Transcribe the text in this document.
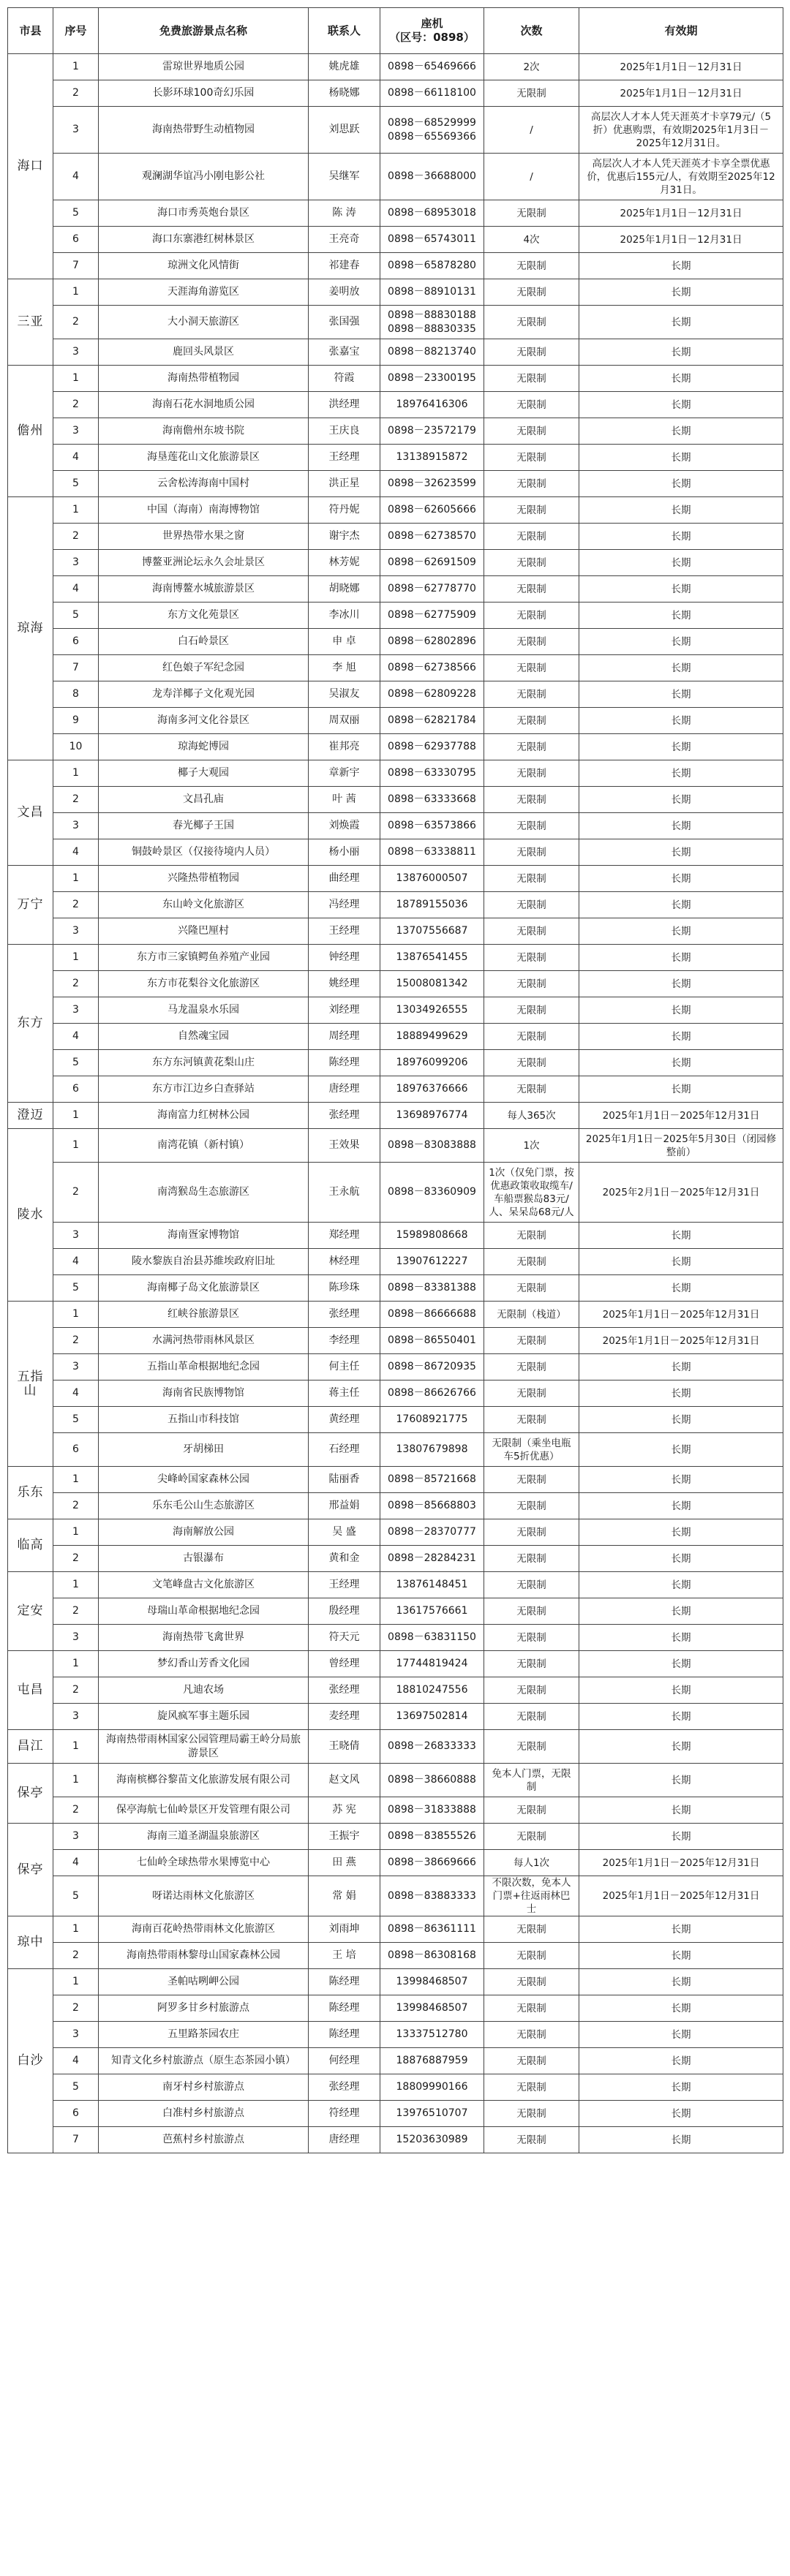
市县	序号	免费旅游景点名称	联系人	座机
（区号：0898）	次数	有效期
海口	1	雷琼世界地质公园	姚虎雄	0898－65469666	2次	2025年1月1日－12月31日
	2	长影环球100奇幻乐园	杨晓娜	0898－66118100	无限制	2025年1月1日－12月31日
	3	海南热带野生动植物园	刘思跃	0898－68529999
0898－65569366	/	高层次人才本人凭天涯英才卡享79元/（5折）优惠购票，有效期2025年1月3日－2025年12月31日。
	4	观澜湖华谊冯小刚电影公社	吴继军	0898－36688000	/	高层次人才本人凭天涯英才卡享全票优惠价，优惠后155元/人，有效期至2025年12月31日。
	5	海口市秀英炮台景区	陈 涛	0898－68953018	无限制	2025年1月1日－12月31日
	6	海口东寨港红树林景区	王亮奇	0898－65743011	4次	2025年1月1日－12月31日
	7	琼洲文化风情街	祁建春	0898－65878280	无限制	长期
三亚	1	天涯海角游览区	姜明放	0898－88910131	无限制	长期
	2	大小洞天旅游区	张国强	0898－88830188
0898－88830335	无限制	长期
	3	鹿回头风景区	张嘉宝	0898－88213740	无限制	长期
儋州	1	海南热带植物园	符霞	0898－23300195	无限制	长期
	2	海南石花水洞地质公园	洪经理	18976416306	无限制	长期
	3	海南儋州东坡书院	王庆良	0898－23572179	无限制	长期
	4	海垦莲花山文化旅游景区	王经理	13138915872	无限制	长期
	5	云舍松涛海南中国村	洪正星	0898－32623599	无限制	长期
琼海	1	中国（海南）南海博物馆	符丹妮	0898－62605666	无限制	长期
	2	世界热带水果之窗	谢宇杰	0898－62738570	无限制	长期
	3	博鳌亚洲论坛永久会址景区	林芳妮	0898－62691509	无限制	长期
	4	海南博鳌水城旅游景区	胡晓娜	0898－62778770	无限制	长期
	5	东方文化苑景区	李冰川	0898－62775909	无限制	长期
	6	白石岭景区	申 卓	0898－62802896	无限制	长期
	7	红色娘子军纪念园	李 旭	0898－62738566	无限制	长期
	8	龙寿洋椰子文化观光园	吴淑友	0898－62809228	无限制	长期
	9	海南多河文化谷景区	周双丽	0898－62821784	无限制	长期
	10	琼海蛇博园	崔邦亮	0898－62937788	无限制	长期
文昌	1	椰子大观园	章新宇	0898－63330795	无限制	长期
	2	文昌孔庙	叶 茜	0898－63333668	无限制	长期
	3	春光椰子王国	刘焕霞	0898－63573866	无限制	长期
	4	铜鼓岭景区（仅接待境内人员）	杨小丽	0898－63338811	无限制	长期
万宁	1	兴隆热带植物园	曲经理	13876000507	无限制	长期
	2	东山岭文化旅游区	冯经理	18789155036	无限制	长期
	3	兴隆巴厘村	王经理	13707556687	无限制	长期
东方	1	东方市三家镇鳄鱼养殖产业园	钟经理	13876541455	无限制	长期
	2	东方市花梨谷文化旅游区	姚经理	15008081342	无限制	长期
	3	马龙温泉水乐园	刘经理	13034926555	无限制	长期
	4	自然魂宝园	周经理	18889499629	无限制	长期
	5	东方东河镇黄花梨山庄	陈经理	18976099206	无限制	长期
	6	东方市江边乡白查驿站	唐经理	18976376666	无限制	长期
澄迈	1	海南富力红树林公园	张经理	13698976774	每人365次	2025年1月1日－2025年12月31日
陵水	1	南湾花镇（新村镇）	王效果	0898－83083888	1次	2025年1月1日－2025年5月30日（闭园修整前）
	2	南湾猴岛生态旅游区	王永航	0898－83360909	1次（仅免门票，按优惠政策收取缆车/车船票猴岛83元/人、呆呆岛68元/人	2025年2月1日－2025年12月31日
	3	海南疍家博物馆	郑经理	15989808668	无限制	长期
	4	陵水黎族自治县苏維埃政府旧址	林经理	13907612227	无限制	长期
	5	海南椰子岛文化旅游景区	陈珍珠	0898－83381388	无限制	长期
五指山	1	红峡谷旅游景区	张经理	0898－86666688	无限制（栈道）	2025年1月1日－2025年12月31日
	2	水满河热带雨林风景区	李经理	0898－86550401	无限制	2025年1月1日－2025年12月31日
	3	五指山革命根据地纪念园	何主任	0898－86720935	无限制	长期
	4	海南省民族博物馆	蒋主任	0898－86626766	无限制	长期
	5	五指山市科技馆	黄经理	17608921775	无限制	长期
	6	牙胡梯田	石经理	13807679898	无限制（乘坐电瓶车5折优惠）	长期
乐东	1	尖峰岭国家森林公园	陆丽香	0898－85721668	无限制	长期
	2	乐东毛公山生态旅游区	邢益娟	0898－85668803	无限制	长期
临高	1	海南解放公园	吴 盛	0898－28370777	无限制	长期
	2	古银瀑布	黄和金	0898－28284231	无限制	长期
定安	1	文笔峰盘古文化旅游区	王经理	13876148451	无限制	长期
	2	母瑞山革命根据地纪念园	殷经理	13617576661	无限制	长期
	3	海南热带飞禽世界	符天元	0898－63831150	无限制	长期
屯昌	1	梦幻香山芳香文化园	曾经理	17744819424	无限制	长期
	2	凡迪农场	张经理	18810247556	无限制	长期
	3	旋风疯军事主题乐园	麦经理	13697502814	无限制	长期
昌江	1	海南热带雨林国家公园管理局霸王岭分局旅游景区	王晓倩	0898－26833333	无限制	长期
保亭	1	海南槟榔谷黎苗文化旅游发展有限公司	赵文风	0898－38660888	免本人门票，无限制	长期
	2	保亭海航七仙岭景区开发管理有限公司	苏 宪	0898－31833888	无限制	长期
保亭	3	海南三道圣湖温泉旅游区	王振宇	0898－83855526	无限制	长期
	4	七仙岭全球热带水果博览中心	田 燕	0898－38669666	每人1次	2025年1月1日－2025年12月31日
	5	呀诺达雨林文化旅游区	常 娟	0898－83883333	不限次数，免本人门票+往返雨林巴士	2025年1月1日－2025年12月31日
琼中	1	海南百花岭热带雨林文化旅游区	刘雨坤	0898－86361111	无限制	长期
	2	海南热带雨林黎母山国家森林公园	王 培	0898－86308168	无限制	长期
白沙	1	圣帕咕咧岬公园	陈经理	13998468507	无限制	长期
	2	阿罗多甘乡村旅游点	陈经理	13998468507	无限制	长期
	3	五里路茶园农庄	陈经理	13337512780	无限制	长期
	4	知青文化乡村旅游点（原生态茶园小镇）	何经理	18876887959	无限制	长期
	5	南牙村乡村旅游点	张经理	18809990166	无限制	长期
	6	白准村乡村旅游点	符经理	13976510707	无限制	长期
	7	芭蕉村乡村旅游点	唐经理	15203630989	无限制	长期
